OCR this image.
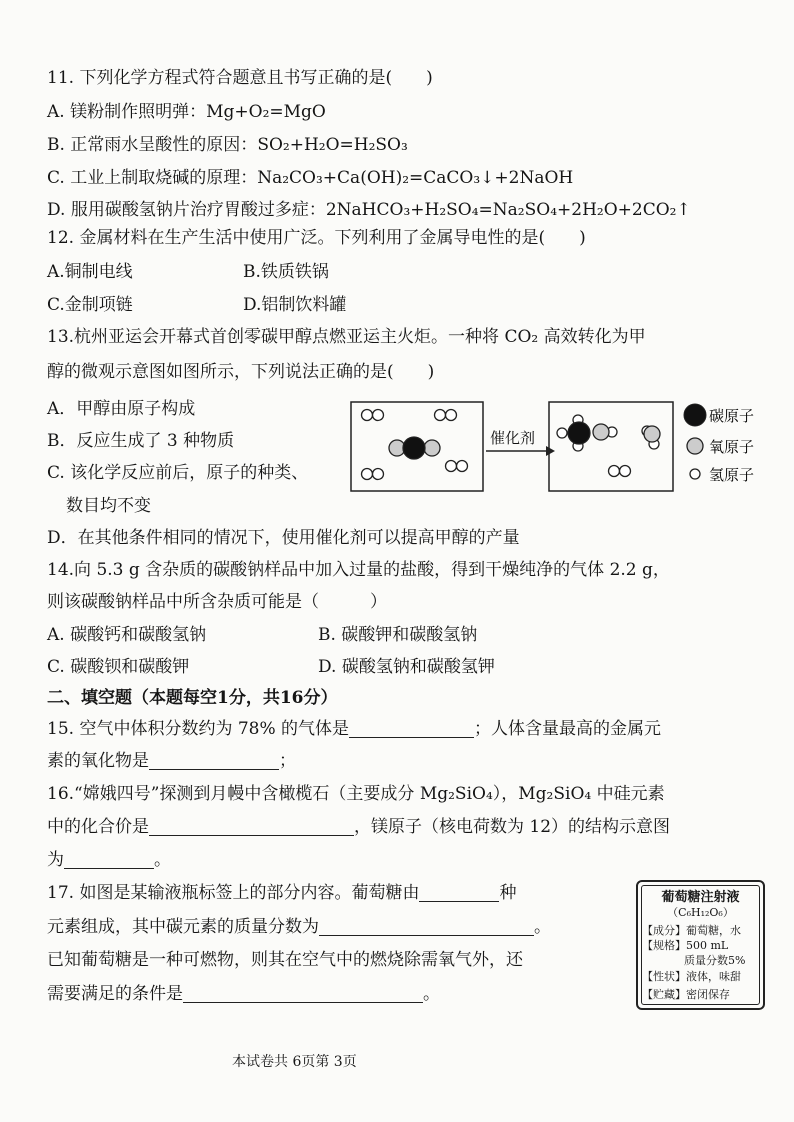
11. 下列化学方程式符合题意且书写正确的是(　　)
A. 镁粉制作照明弹：Mg+O₂=MgO
B. 正常雨水呈酸性的原因：SO₂+H₂O=H₂SO₃
C. 工业上制取烧碱的原理：Na₂CO₃+Ca(OH)₂=CaCO₃↓+2NaOH
D. 服用碳酸氢钠片治疗胃酸过多症：2NaHCO₃+H₂SO₄=Na₂SO₄+2H₂O+2CO₂↑
12. 金属材料在生产生活中使用广泛。下列利用了金属导电性的是(　　)
A.铜制电线	B.铁质铁锅
C.金制项链	D.铝制饮料罐
13.杭州亚运会开幕式首创零碳甲醇点燃亚运主火炬。一种将 CO₂ 高效转化为甲
醇的微观示意图如图所示，下列说法正确的是(　　)
A．甲醇由原子构成
B．反应生成了 3 种物质
C. 该化学反应前后，原子的种类、
数目均不变
D．在其他条件相同的情况下，使用催化剂可以提高甲醇的产量
催化剂
碳原子
氧原子
氢原子
14.向 5.3 g 含杂质的碳酸钠样品中加入过量的盐酸，得到干燥纯净的气体 2.2 g，
则该碳酸钠样品中所含杂质可能是（　　　）
A. 碳酸钙和碳酸氢钠	B. 碳酸钾和碳酸氢钠
C. 碳酸钡和碳酸钾	D. 碳酸氢钠和碳酸氢钾
二、填空题（本题每空1分，共16分）
15. 空气中体积分数约为 78% 的气体是	；人体含量最高的金属元
素的氧化物是	；
16.“嫦娥四号”探测到月幔中含橄榄石（主要成分 Mg₂SiO₄），Mg₂SiO₄ 中硅元素
中的化合价是	，镁原子（核电荷数为 12）的结构示意图
为	。
17. 如图是某输液瓶标签上的部分内容。葡萄糖由	种
元素组成，其中碳元素的质量分数为	。
已知葡萄糖是一种可燃物，则其在空气中的燃烧除需氧气外，还
需要满足的条件是	。
葡萄糖注射液
（C₆H₁₂O₆）
【成分】葡萄糖，水
【规格】500 mL
质量分数5%
【性状】液体，味甜
【贮藏】密闭保存
本试卷共 6页第 3页
